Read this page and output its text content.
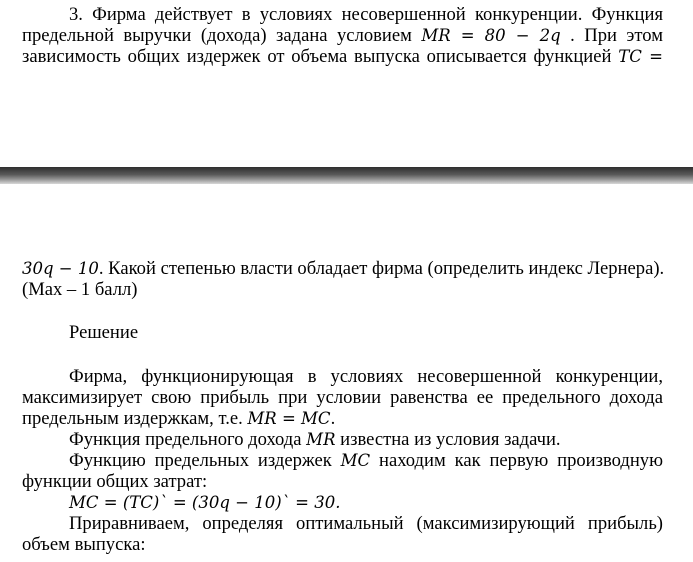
3. Фирма действует в условиях несовершенной конкуренции. Функция
предельной выручки (дохода) задана условием MR = 80 − 2q . При этом
зависимость общих издержек от объема выпуска описывается функцией TC =
30q − 10. Какой степенью власти обладает фирма (определить индекс Лернера).
(Max – 1 балл)
Решение
Фирма, функционирующая в условиях несовершенной конкуренции,
максимизирует свою прибыль при условии равенства ее предельного дохода
предельным издержкам, т.е. MR = MC.
Функция предельного дохода MR известна из условия задачи.
Функцию предельных издержек MC находим как первую производную
функции общих затрат:
MC = (TC)` = (30q − 10)` = 30.
Приравниваем, определяя оптимальный (максимизирующий прибыль)
объем выпуска:
